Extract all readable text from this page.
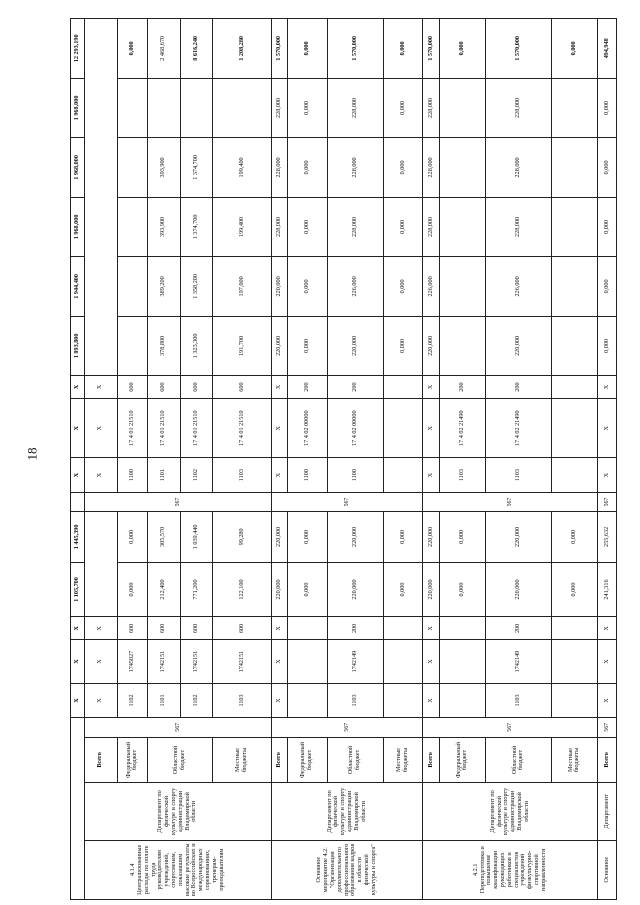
18
				X	X	X	1 105,700	1 445,390		X	X	X	1 893,800	1 944,400	1 968,000	1 968,000	1 968,000	12 293,190
4.1.4 Централизованные расходы по оплате труда руководителям учреждений, спортсменам, показавшим высокие результаты во Всероссийских и международных соревнованиях, тренерам-преподавателям	Департамент по физической культуре и спорту администрации Владимирской области	Всего	567	X	X	X			567	X	X	X						
		Федеральный бюджет		1102	1745027	600	0,000	0,000		1100	17 4 01 21510	600						0,000
		Областной бюджет		1101	1742151	600	212,400	305,570		1101	17 4 01 21510	600	378,800	389,200	393,900	393,900		2 468,670
				1102	1742151	600	771,200	1 039,440		1102	17 4 01 21510	600	1 323,300	1 358,200	1 374,700	1 374,700		8 616,240
		Местные бюджеты		1103	1742151	600	122,100	99,280		1103	17 4 01 21510	600	191,700	197,000	199,400	199,400		1 208,280
Основное мероприятие 4.2. "Организация дополнительного профессионального образования кадров в области физической культуры и спорта"	Департамент по физической культуре и спорту администрации Владимирской области	Всего	567	X	X	X	220,000	220,000	567	X	X	X	220,000	220,000	228,000	228,000	228,000	1 570,000
		Федеральный бюджет					0,000	0,000		1100	17 4 02 00000	200	0,000	0,000	0,000	0,000	0,000	0,000
		Областной бюджет		1103	1742149	200	220,000	220,000		1100	17 4 02 00000	200	220,000	226,000	228,000	228,000	228,000	1 570,000
		Местные бюджеты					0,000	0,000					0,000	0,000	0,000	0,000	0,000	0,000
4.2.1 Переподготовка и повышение квалификации руководящих работников и специалистов учреждений физкультурно-спортивной направленности	Департамент по физической культуре и спорту администрации Владимирской области	Всего	567	X	X	X	220,000	220,000	567	X	X	X	220,000	226,000	228,000	228,000	228,000	1 570,000
		Федеральный бюджет					0,000	0,000		1103	17 4 02 21490	200						0,000
		Областной бюджет		1103	1742149	200	220,000	220,000		1103	17 4 02 21490	200	220,000	226,000	228,000	228,000	228,000	1 570,000
		Местные бюджеты					0,000	0,000										0,000
Основное	Департамент	Всего	567	X	X	X	241,316	255,632	567	X	X	X	0,000	0,000	0,000	0,000	0,000	494,948
